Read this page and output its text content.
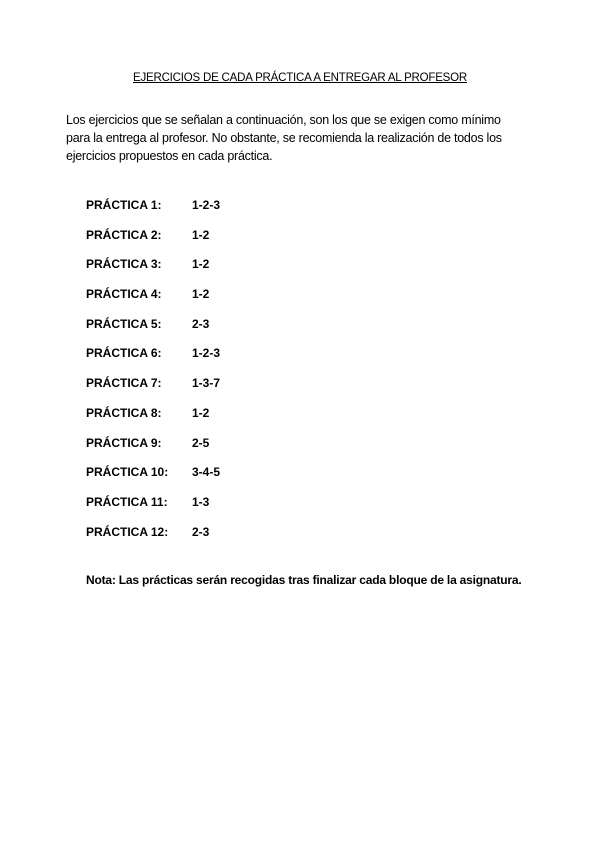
EJERCICIOS DE CADA PRÁCTICA A ENTREGAR AL PROFESOR

Los ejercicios que se señalan a continuación, son los que se exigen como mínimo

para la entrega al profesor. No obstante, se recomienda la realización de todos los

ejercicios propuestos en cada práctica.

PRÁCTICA 1:	1-2-3
PRÁCTICA 2:	1-2
PRÁCTICA 3:	1-2
PRÁCTICA 4:	1-2
PRÁCTICA 5:	2-3
PRÁCTICA 6:	1-2-3
PRÁCTICA 7:	1-3-7
PRÁCTICA 8:	1-2
PRÁCTICA 9:	2-5
PRÁCTICA 10:	3-4-5
PRÁCTICA 11:	1-3
PRÁCTICA 12:	2-3
Nota: Las prácticas serán recogidas tras finalizar cada bloque de la asignatura.
